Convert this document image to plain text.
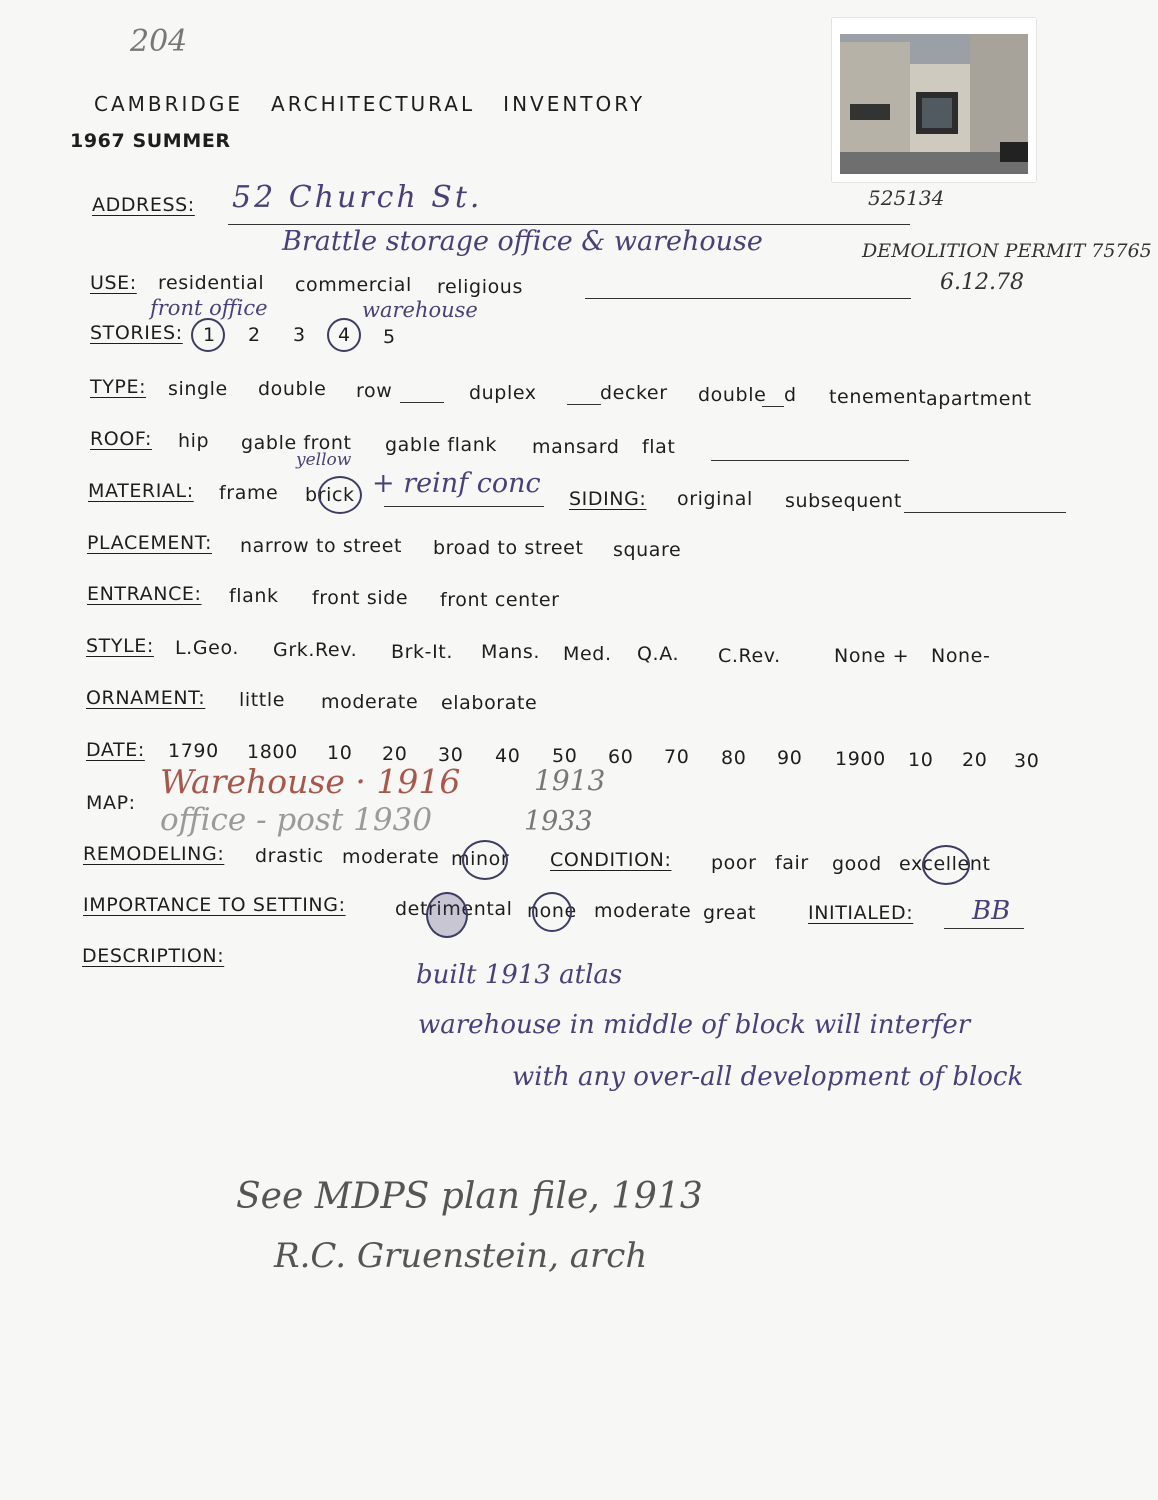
204
CAMBRIDGE   ARCHITECTURAL   INVENTORY
1967 SUMMER
525134
ADDRESS: 52 Church St.
Brattle storage office & warehouse	DEMOLITION PERMIT 75765
6.12.78
USE: residential commercial religious
front office	warehouse
STORIES: 1 2 3 4 5
TYPE: single double row	duplex	decker double d tenement apartment
ROOF: hip gable front gable flank mansard flat
yellow
MATERIAL: frame brick + reinf conc SIDING: original subsequent
PLACEMENT: narrow to street broad to street square
ENTRANCE: flank front side front center
STYLE: L.Geo. Grk.Rev. Brk-It. Mans. Med. Q.A. C.Rev.	None + None-
ORNAMENT: little moderate elaborate
DATE: 1790 1800 10 20 30 40 50 60 70 80 90 1900 10 20 30
MAP:
Warehouse · 1916	1913
office - post 1930	1933
REMODELING: drastic moderate minor CONDITION: poor fair good excellent
IMPORTANCE TO SETTING:	detrimental none moderate great	INITIALED: BB
DESCRIPTION:
built 1913 atlas
warehouse in middle of block will interfer
with any over-all development of block
See MDPS plan file, 1913
R.C. Gruenstein, arch
